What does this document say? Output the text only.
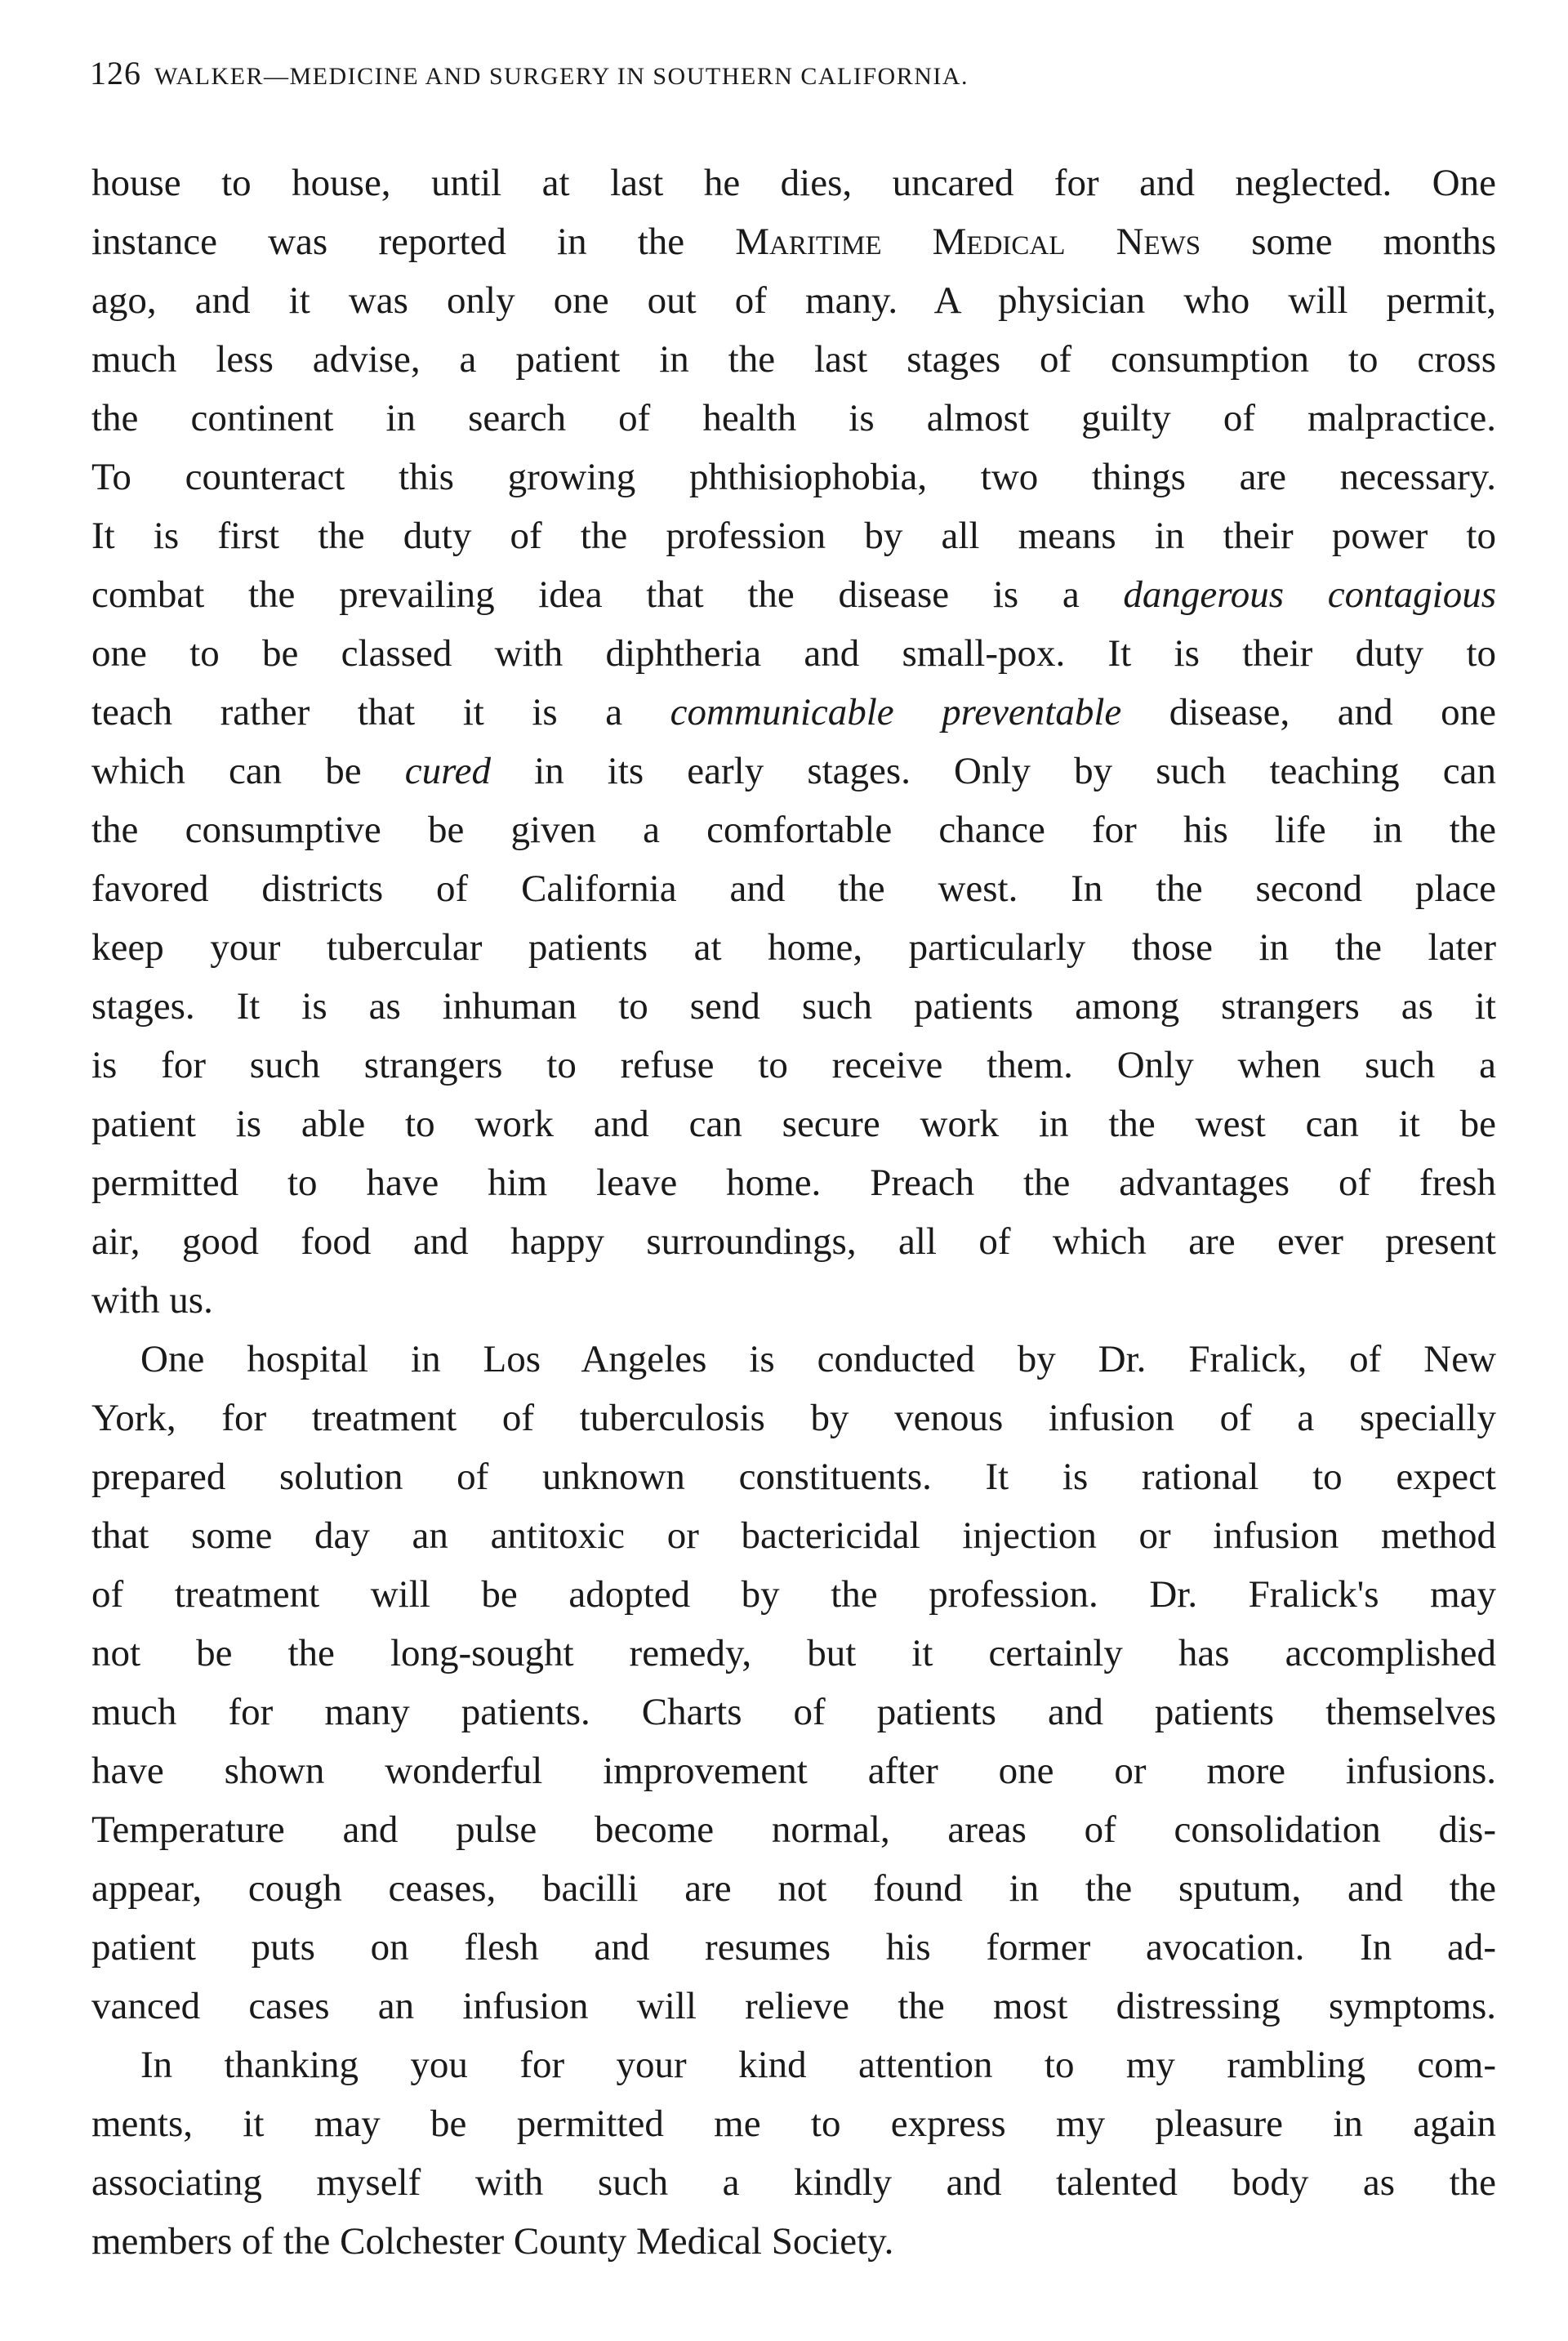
126 WALKER—MEDICINE AND SURGERY IN SOUTHERN CALIFORNIA.
house to house, until at last he dies, uncared for and neglected. One
instance was reported in the Maritime Medical News some months
ago, and it was only one out of many. A physician who will permit,
much less advise, a patient in the last stages of consumption to cross
the continent in search of health is almost guilty of malpractice.
To counteract this growing phthisiophobia, two things are necessary.
It is first the duty of the profession by all means in their power to
combat the prevailing idea that the disease is a dangerous contagious
one to be classed with diphtheria and small-pox. It is their duty to
teach rather that it is a communicable preventable disease, and one
which can be cured in its early stages. Only by such teaching can
the consumptive be given a comfortable chance for his life in the
favored districts of California and the west. In the second place
keep your tubercular patients at home, particularly those in the later
stages. It is as inhuman to send such patients among strangers as it
is for such strangers to refuse to receive them. Only when such a
patient is able to work and can secure work in the west can it be
permitted to have him leave home. Preach the advantages of fresh
air, good food and happy surroundings, all of which are ever present
with us.
One hospital in Los Angeles is conducted by Dr. Fralick, of New
York, for treatment of tuberculosis by venous infusion of a specially
prepared solution of unknown constituents. It is rational to expect
that some day an antitoxic or bactericidal injection or infusion method
of treatment will be adopted by the profession. Dr. Fralick's may
not be the long-sought remedy, but it certainly has accomplished
much for many patients. Charts of patients and patients themselves
have shown wonderful improvement after one or more infusions.
Temperature and pulse become normal, areas of consolidation dis-
appear, cough ceases, bacilli are not found in the sputum, and the
patient puts on flesh and resumes his former avocation. In ad-
vanced cases an infusion will relieve the most distressing symptoms.
In thanking you for your kind attention to my rambling com-
ments, it may be permitted me to express my pleasure in again
associating myself with such a kindly and talented body as the
members of the Colchester County Medical Society.
